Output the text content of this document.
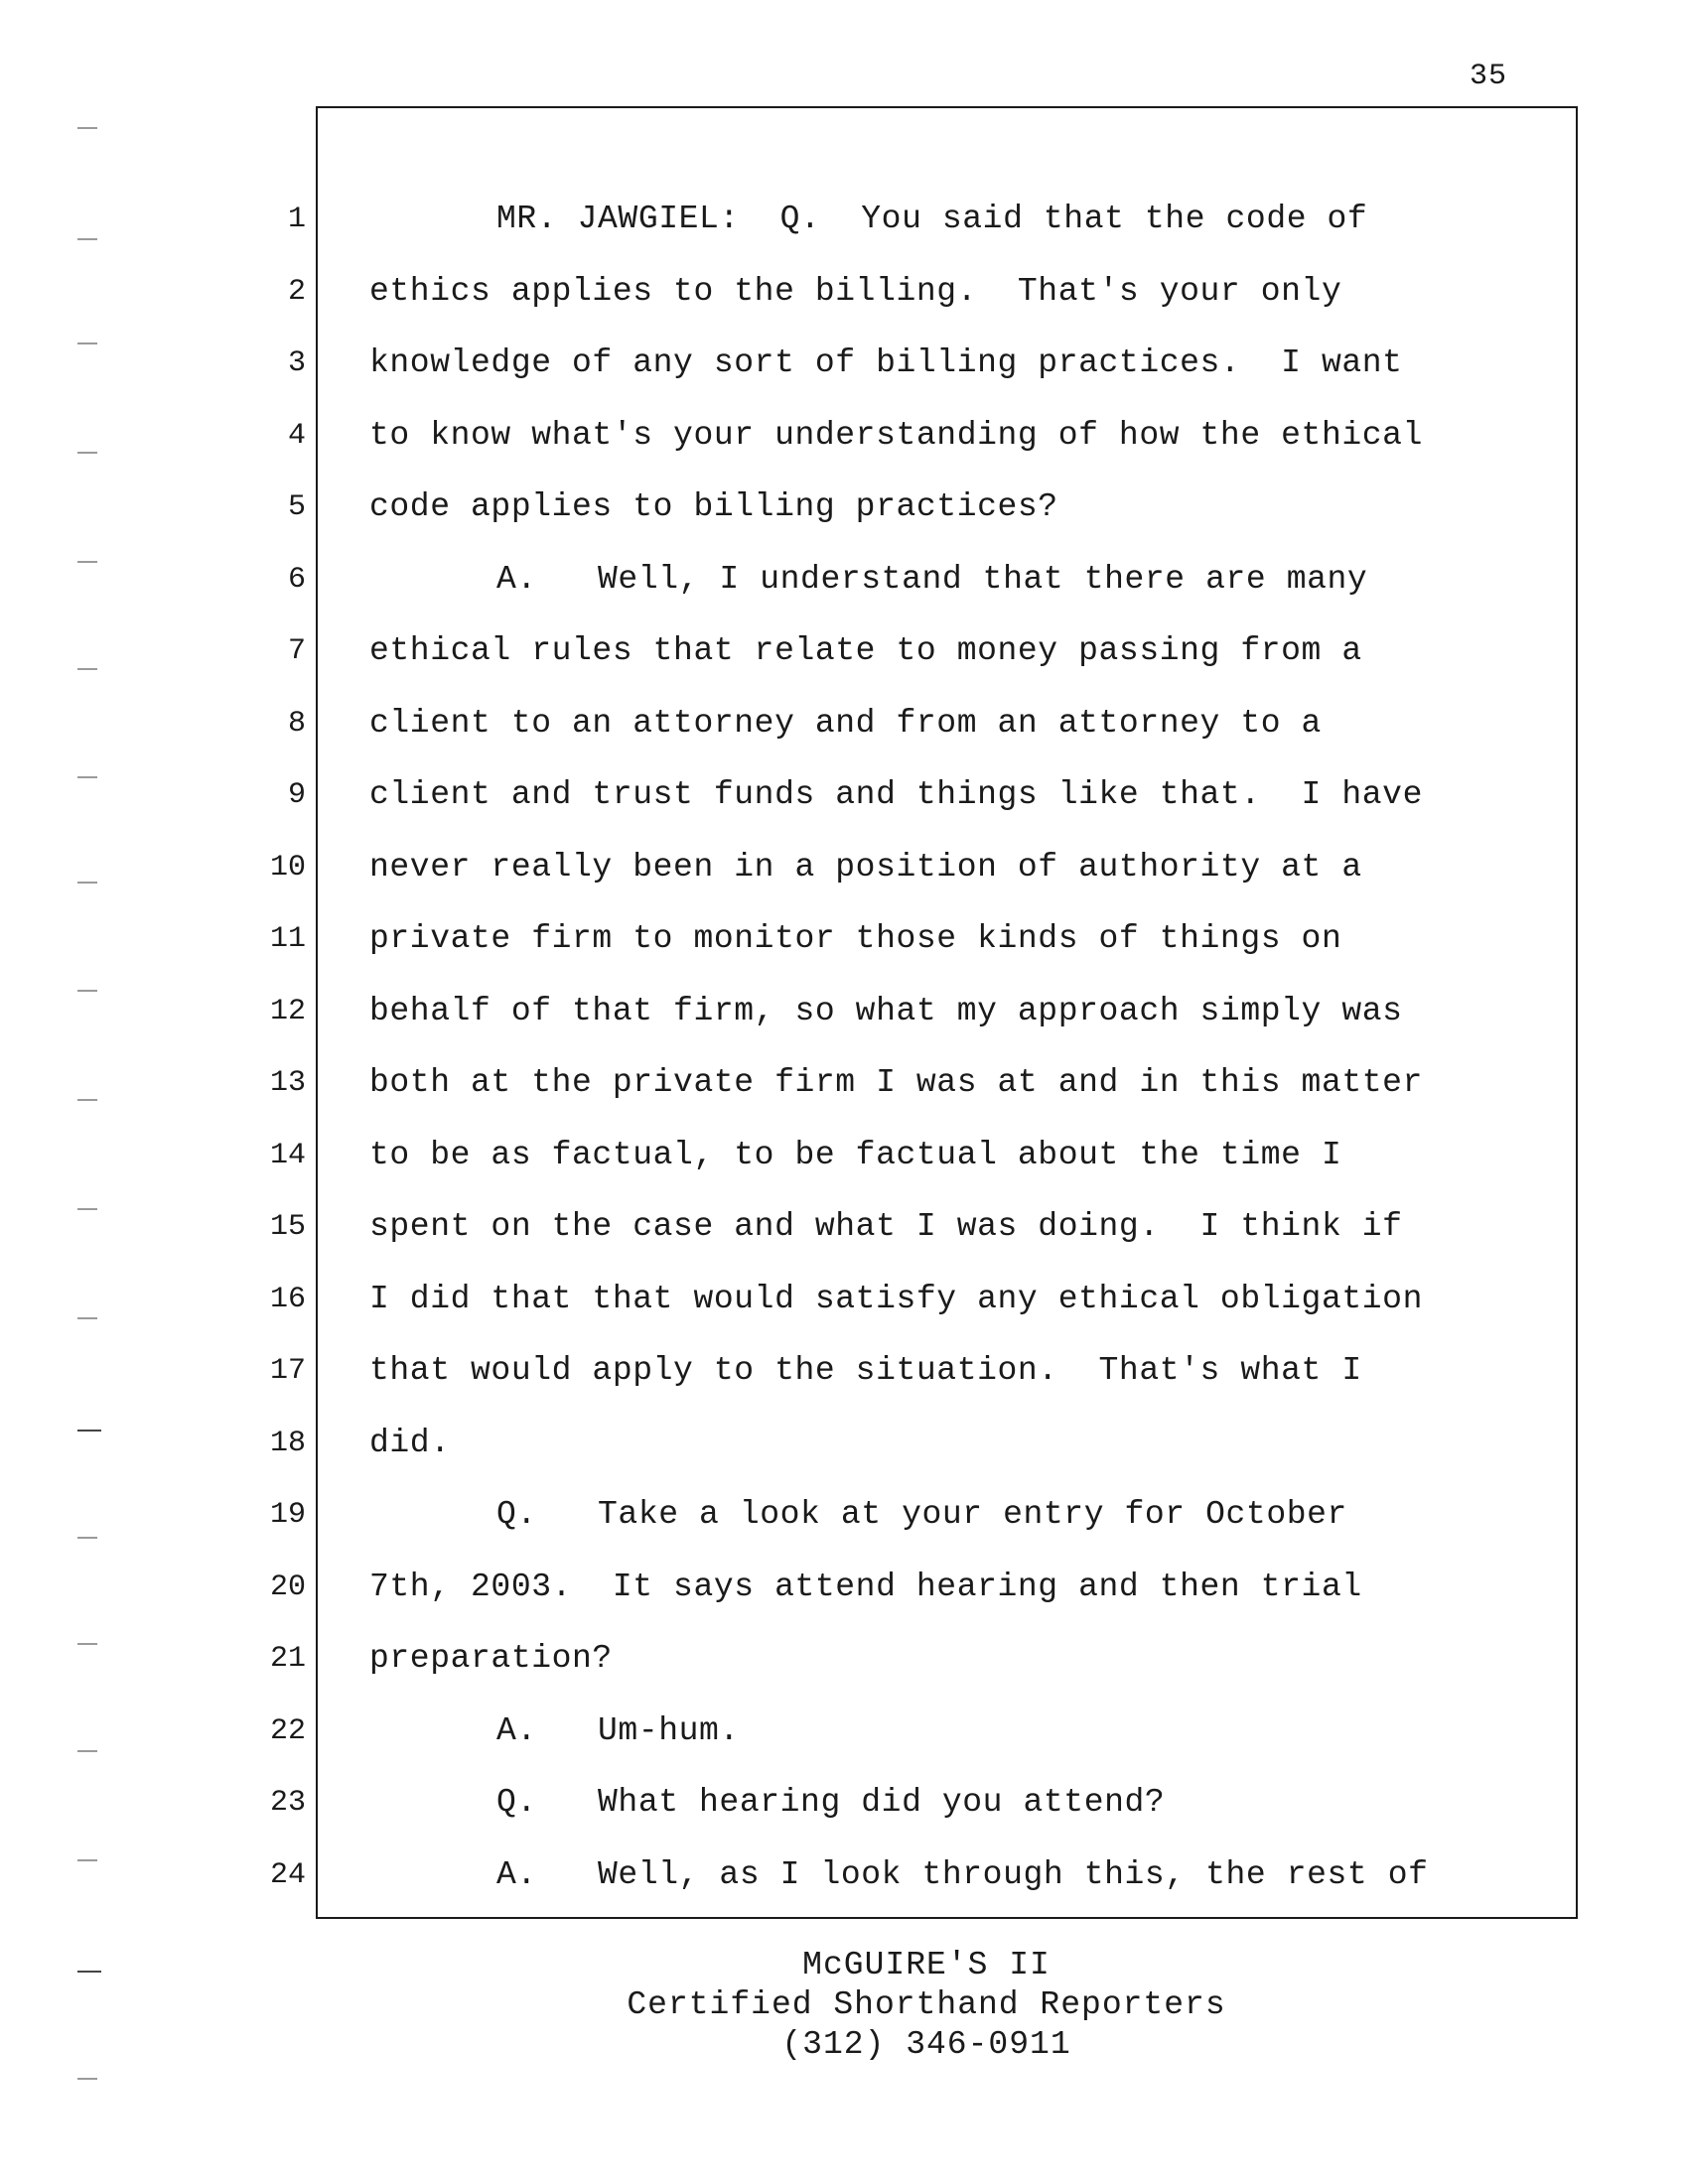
35
1	MR. JAWGIEL:  Q.  You said that the code of
2 ethics applies to the billing.  That's your only
3 knowledge of any sort of billing practices.  I want
4 to know what's your understanding of how the ethical
5 code applies to billing practices?
6	A.   Well, I understand that there are many
7 ethical rules that relate to money passing from a
8 client to an attorney and from an attorney to a
9 client and trust funds and things like that.  I have
10 never really been in a position of authority at a
11 private firm to monitor those kinds of things on
12 behalf of that firm, so what my approach simply was
13 both at the private firm I was at and in this matter
14 to be as factual, to be factual about the time I
15 spent on the case and what I was doing.  I think if
16 I did that that would satisfy any ethical obligation
17 that would apply to the situation.  That's what I
18 did.
19	Q.   Take a look at your entry for October
20 7th, 2003.  It says attend hearing and then trial
21 preparation?
22	A.   Um-hum.
23	Q.   What hearing did you attend?
24	A.   Well, as I look through this, the rest of
McGUIRE'S II
Certified Shorthand Reporters
(312) 346-0911
